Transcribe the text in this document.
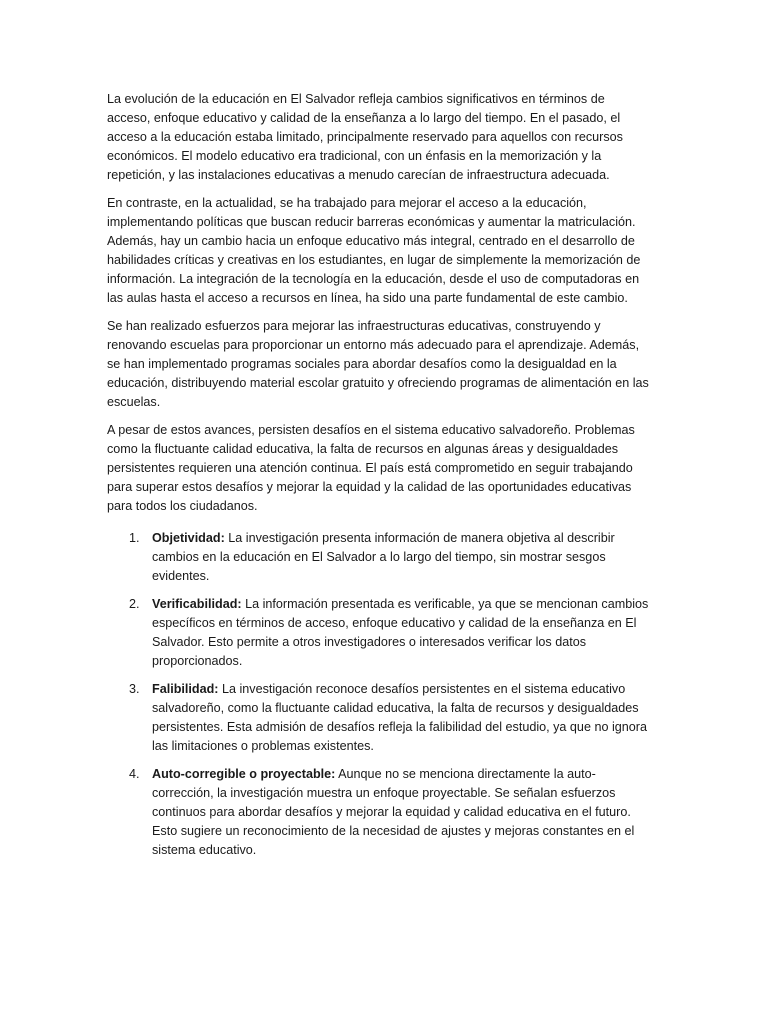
La evolución de la educación en El Salvador refleja cambios significativos en términos de acceso, enfoque educativo y calidad de la enseñanza a lo largo del tiempo. En el pasado, el acceso a la educación estaba limitado, principalmente reservado para aquellos con recursos económicos. El modelo educativo era tradicional, con un énfasis en la memorización y la repetición, y las instalaciones educativas a menudo carecían de infraestructura adecuada.

En contraste, en la actualidad, se ha trabajado para mejorar el acceso a la educación, implementando políticas que buscan reducir barreras económicas y aumentar la matriculación. Además, hay un cambio hacia un enfoque educativo más integral, centrado en el desarrollo de habilidades críticas y creativas en los estudiantes, en lugar de simplemente la memorización de información. La integración de la tecnología en la educación, desde el uso de computadoras en las aulas hasta el acceso a recursos en línea, ha sido una parte fundamental de este cambio.

Se han realizado esfuerzos para mejorar las infraestructuras educativas, construyendo y renovando escuelas para proporcionar un entorno más adecuado para el aprendizaje. Además, se han implementado programas sociales para abordar desafíos como la desigualdad en la educación, distribuyendo material escolar gratuito y ofreciendo programas de alimentación en las escuelas.

A pesar de estos avances, persisten desafíos en el sistema educativo salvadoreño. Problemas como la fluctuante calidad educativa, la falta de recursos en algunas áreas y desigualdades persistentes requieren una atención continua. El país está comprometido en seguir trabajando para superar estos desafíos y mejorar la equidad y la calidad de las oportunidades educativas para todos los ciudadanos.

1. Objetividad: La investigación presenta información de manera objetiva al describir cambios en la educación en El Salvador a lo largo del tiempo, sin mostrar sesgos evidentes.
2. Verificabilidad: La información presentada es verificable, ya que se mencionan cambios específicos en términos de acceso, enfoque educativo y calidad de la enseñanza en El Salvador. Esto permite a otros investigadores o interesados verificar los datos proporcionados.
3. Falibilidad: La investigación reconoce desafíos persistentes en el sistema educativo salvadoreño, como la fluctuante calidad educativa, la falta de recursos y desigualdades persistentes. Esta admisión de desafíos refleja la falibilidad del estudio, ya que no ignora las limitaciones o problemas existentes.
4. Auto-corregible o proyectable: Aunque no se menciona directamente la auto-corrección, la investigación muestra un enfoque proyectable. Se señalan esfuerzos continuos para abordar desafíos y mejorar la equidad y calidad educativa en el futuro. Esto sugiere un reconocimiento de la necesidad de ajustes y mejoras constantes en el sistema educativo.
